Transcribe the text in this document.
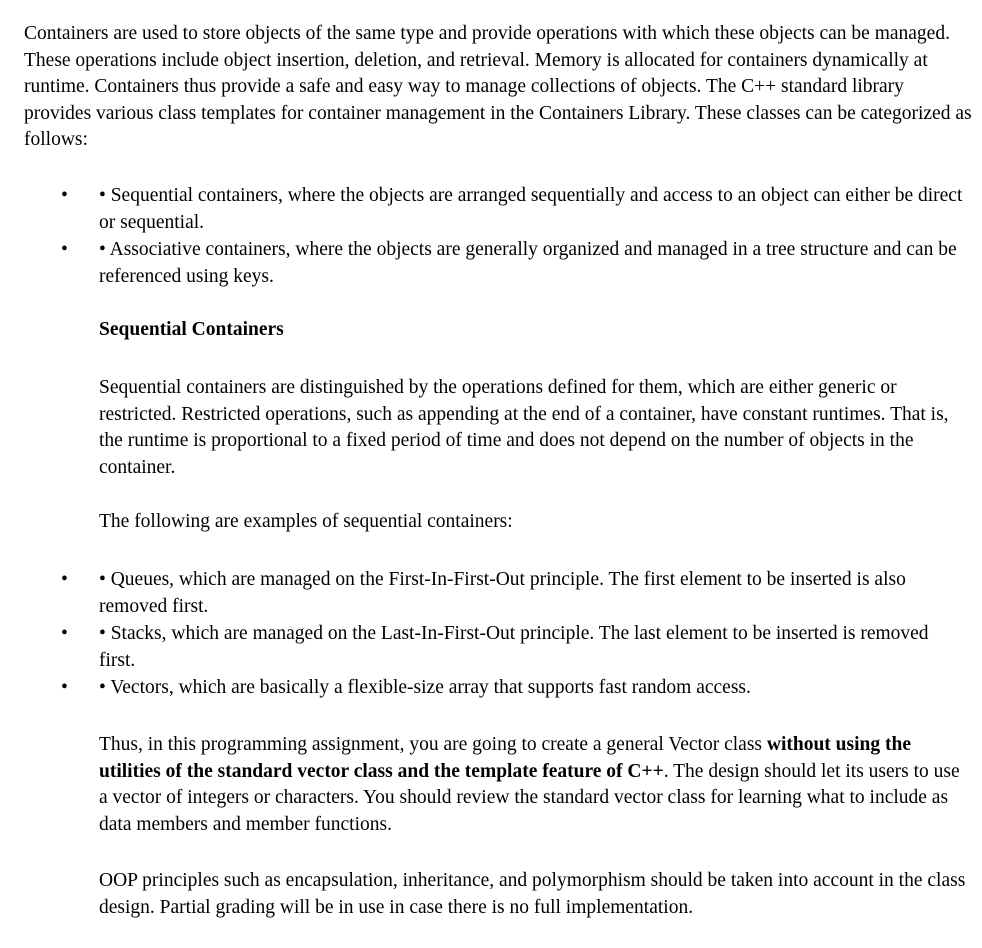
Containers are used to store objects of the same type and provide operations with which these objects can be managed. These operations include object insertion, deletion, and retrieval. Memory is allocated for containers dynamically at runtime. Containers thus provide a safe and easy way to manage collections of objects. The C++ standard library provides various class templates for container management in the Containers Library. These classes can be categorized as follows:

• • Sequential containers, where the objects are arranged sequentially and access to an object can either be direct or sequential.
• • Associative containers, where the objects are generally organized and managed in a tree structure and can be referenced using keys.

Sequential Containers

Sequential containers are distinguished by the operations defined for them, which are either generic or restricted. Restricted operations, such as appending at the end of a container, have constant runtimes. That is, the runtime is proportional to a fixed period of time and does not depend on the number of objects in the container.

The following are examples of sequential containers:

• • Queues, which are managed on the First-In-First-Out principle. The first element to be inserted is also removed first.
• • Stacks, which are managed on the Last-In-First-Out principle. The last element to be inserted is removed first.
• • Vectors, which are basically a flexible-size array that supports fast random access.

Thus, in this programming assignment, you are going to create a general Vector class without using the utilities of the standard vector class and the template feature of C++. The design should let its users to use a vector of integers or characters. You should review the standard vector class for learning what to include as data members and member functions.

OOP principles such as encapsulation, inheritance, and polymorphism should be taken into account in the class design. Partial grading will be in use in case there is no full implementation.
